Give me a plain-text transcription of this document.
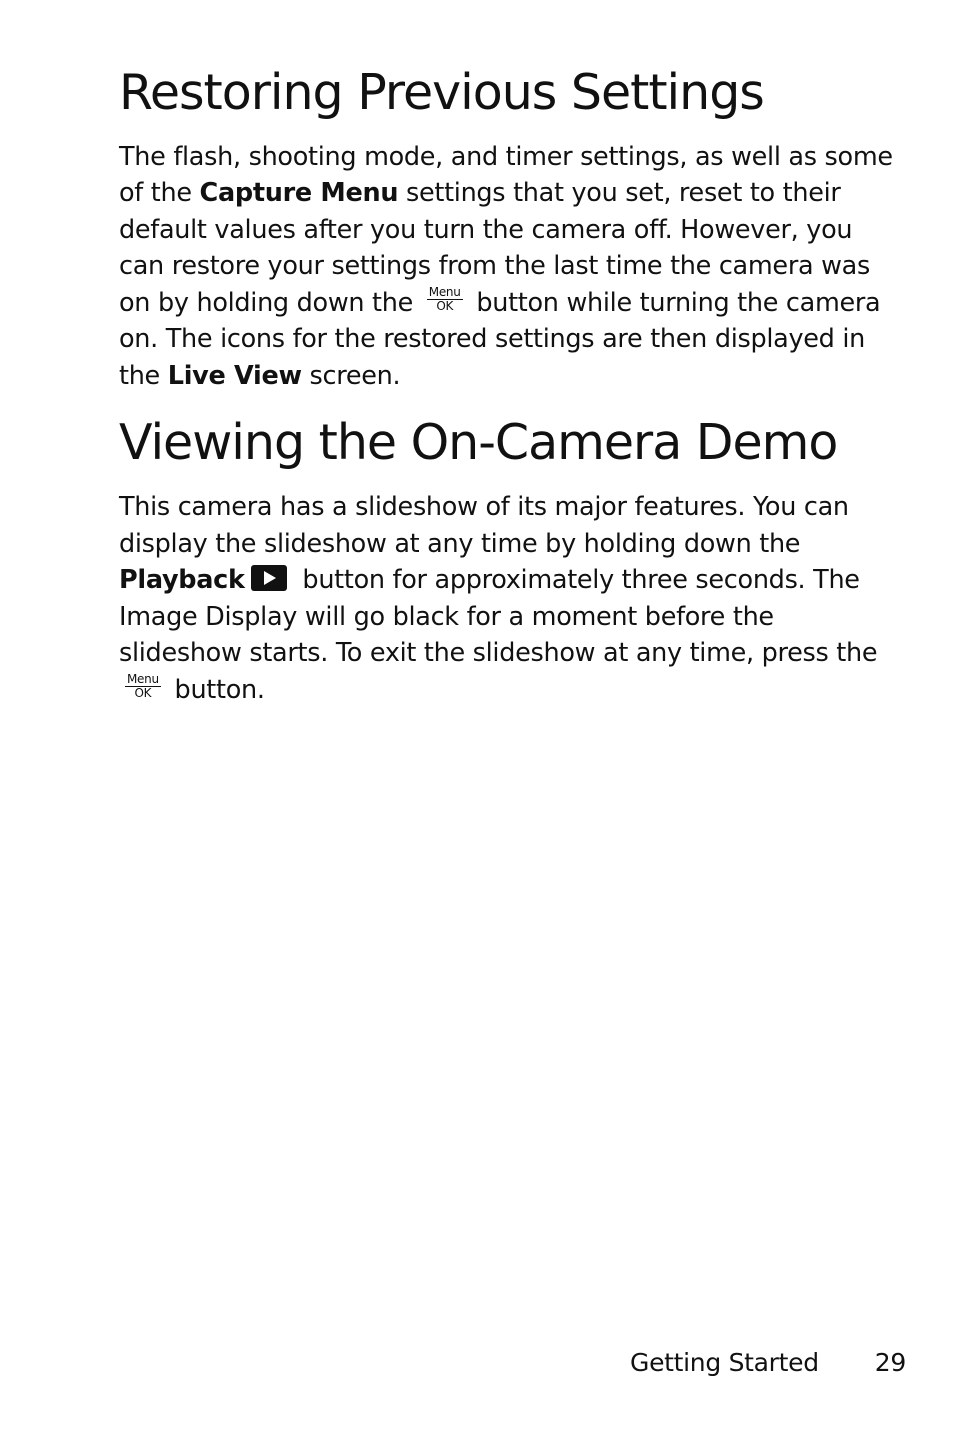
Restoring Previous Settings

The flash, shooting mode, and timer settings, as well as some of the Capture Menu settings that you set, reset to their default values after you turn the camera off. However, you can restore your settings from the last time the camera was on by holding down the Menu
OK button while turning the camera on. The icons for the restored settings are then displayed in the Live View screen.

Viewing the On-Camera Demo

This camera has a slideshow of its major features. You can display the slideshow at any time by holding down the Playback button for approximately three seconds. The Image Display will go black for a moment before the slideshow starts. To exit the slideshow at any time, press the
Menu
OK button.

Getting Started 29
